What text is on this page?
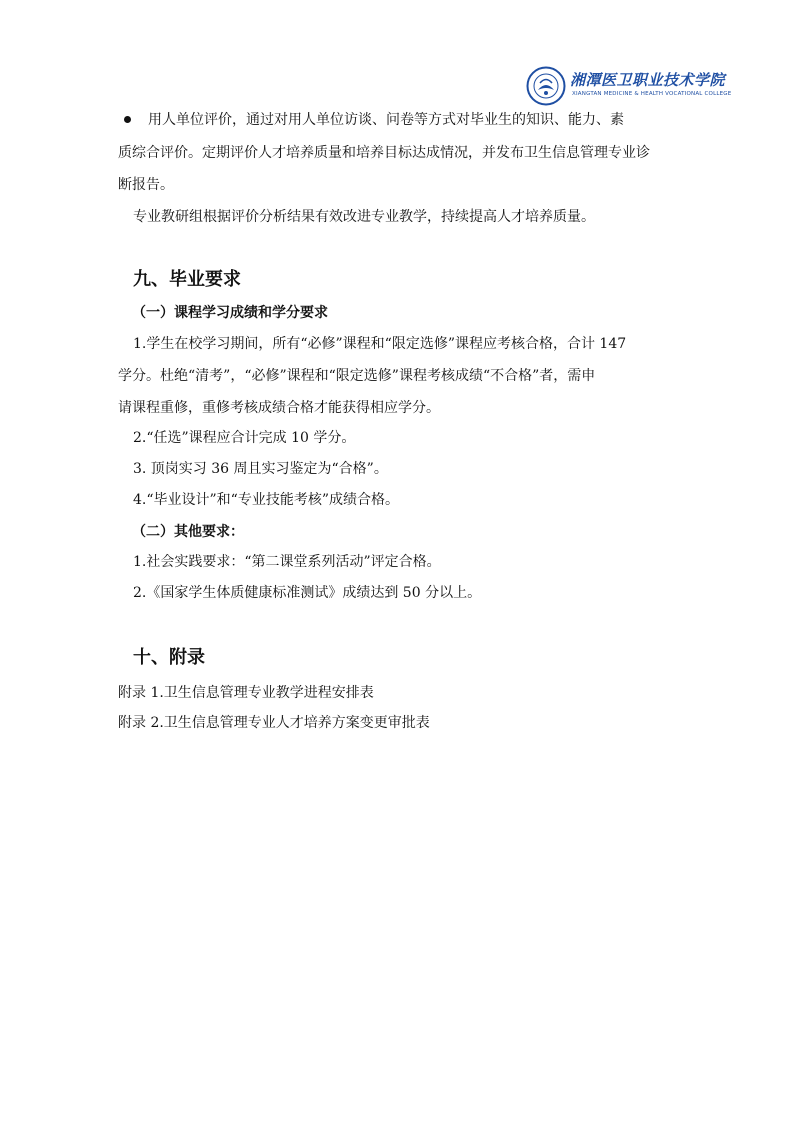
湘潭医卫职业技术学院
XIANGTAN MEDICINE & HEALTH VOCATIONAL COLLEGE
用人单位评价，通过对用人单位访谈、问卷等方式对毕业生的知识、能力、素
质综合评价。定期评价人才培养质量和培养目标达成情况，并发布卫生信息管理专业诊
断报告。
专业教研组根据评价分析结果有效改进专业教学，持续提高人才培养质量。
九、毕业要求
（一）课程学习成绩和学分要求
1.学生在校学习期间，所有“必修”课程和“限定选修”课程应考核合格，合计 147
学分。杜绝“清考”，“必修”课程和“限定选修”课程考核成绩“不合格”者，需申
请课程重修，重修考核成绩合格才能获得相应学分。
2.“任选”课程应合计完成 10 学分。
3. 顶岗实习 36 周且实习鉴定为“合格”。
4.“毕业设计”和“专业技能考核”成绩合格。
（二）其他要求：
1.社会实践要求：“第二课堂系列活动”评定合格。
2.《国家学生体质健康标准测试》成绩达到 50 分以上。
十、附录
附录 1.卫生信息管理专业教学进程安排表
附录 2.卫生信息管理专业人才培养方案变更审批表
